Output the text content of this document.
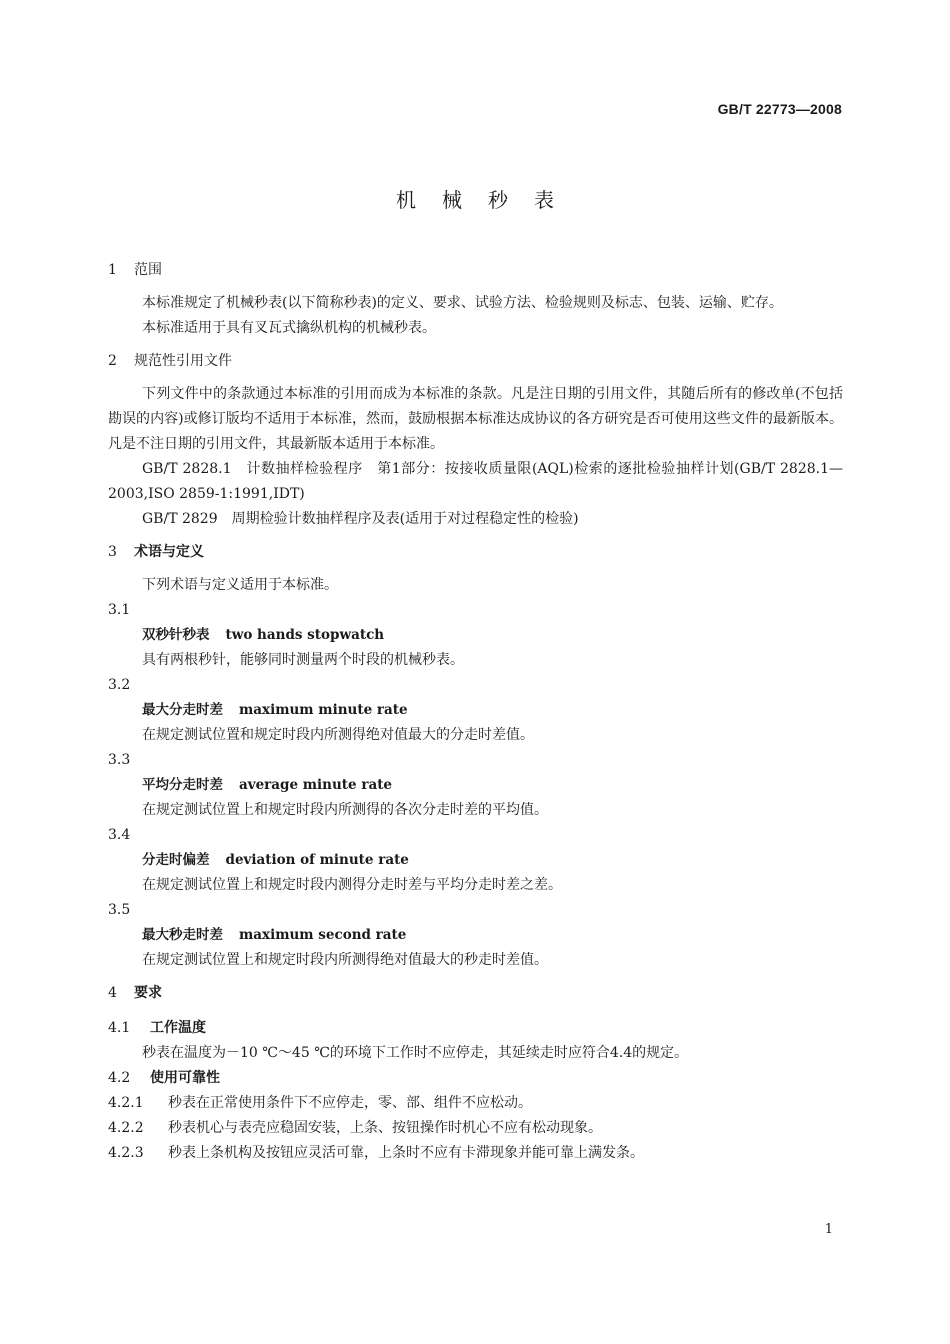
GB/T 22773—2008
机械秒表
1 范围
本标准规定了机械秒表(以下简称秒表)的定义、要求、试验方法、检验规则及标志、包装、运输、贮存。
本标准适用于具有叉瓦式擒纵机构的机械秒表。
2 规范性引用文件
下列文件中的条款通过本标准的引用而成为本标准的条款。凡是注日期的引用文件，其随后所有的修改单(不包括勘误的内容)或修订版均不适用于本标准，然而，鼓励根据本标准达成协议的各方研究是否可使用这些文件的最新版本。凡是不注日期的引用文件，其最新版本适用于本标准。
GB/T 2828.1　计数抽样检验程序　第1部分：按接收质量限(AQL)检索的逐批检验抽样计划(GB/T 2828.1—2003,ISO 2859-1:1991,IDT)
GB/T 2829　周期检验计数抽样程序及表(适用于对过程稳定性的检验)
3 术语与定义
下列术语与定义适用于本标准。
3.1
双秒针秒表 two hands stopwatch
具有两根秒针，能够同时测量两个时段的机械秒表。
3.2
最大分走时差 maximum minute rate
在规定测试位置和规定时段内所测得绝对值最大的分走时差值。
3.3
平均分走时差 average minute rate
在规定测试位置上和规定时段内所测得的各次分走时差的平均值。
3.4
分走时偏差 deviation of minute rate
在规定测试位置上和规定时段内测得分走时差与平均分走时差之差。
3.5
最大秒走时差 maximum second rate
在规定测试位置上和规定时段内所测得绝对值最大的秒走时差值。
4 要求
4.1 工作温度
秒表在温度为－10 ℃～45 ℃的环境下工作时不应停走，其延续走时应符合4.4的规定。
4.2 使用可靠性
4.2.1 秒表在正常使用条件下不应停走，零、部、组件不应松动。
4.2.2 秒表机心与表壳应稳固安装，上条、按钮操作时机心不应有松动现象。
4.2.3 秒表上条机构及按钮应灵活可靠，上条时不应有卡滞现象并能可靠上满发条。
1
